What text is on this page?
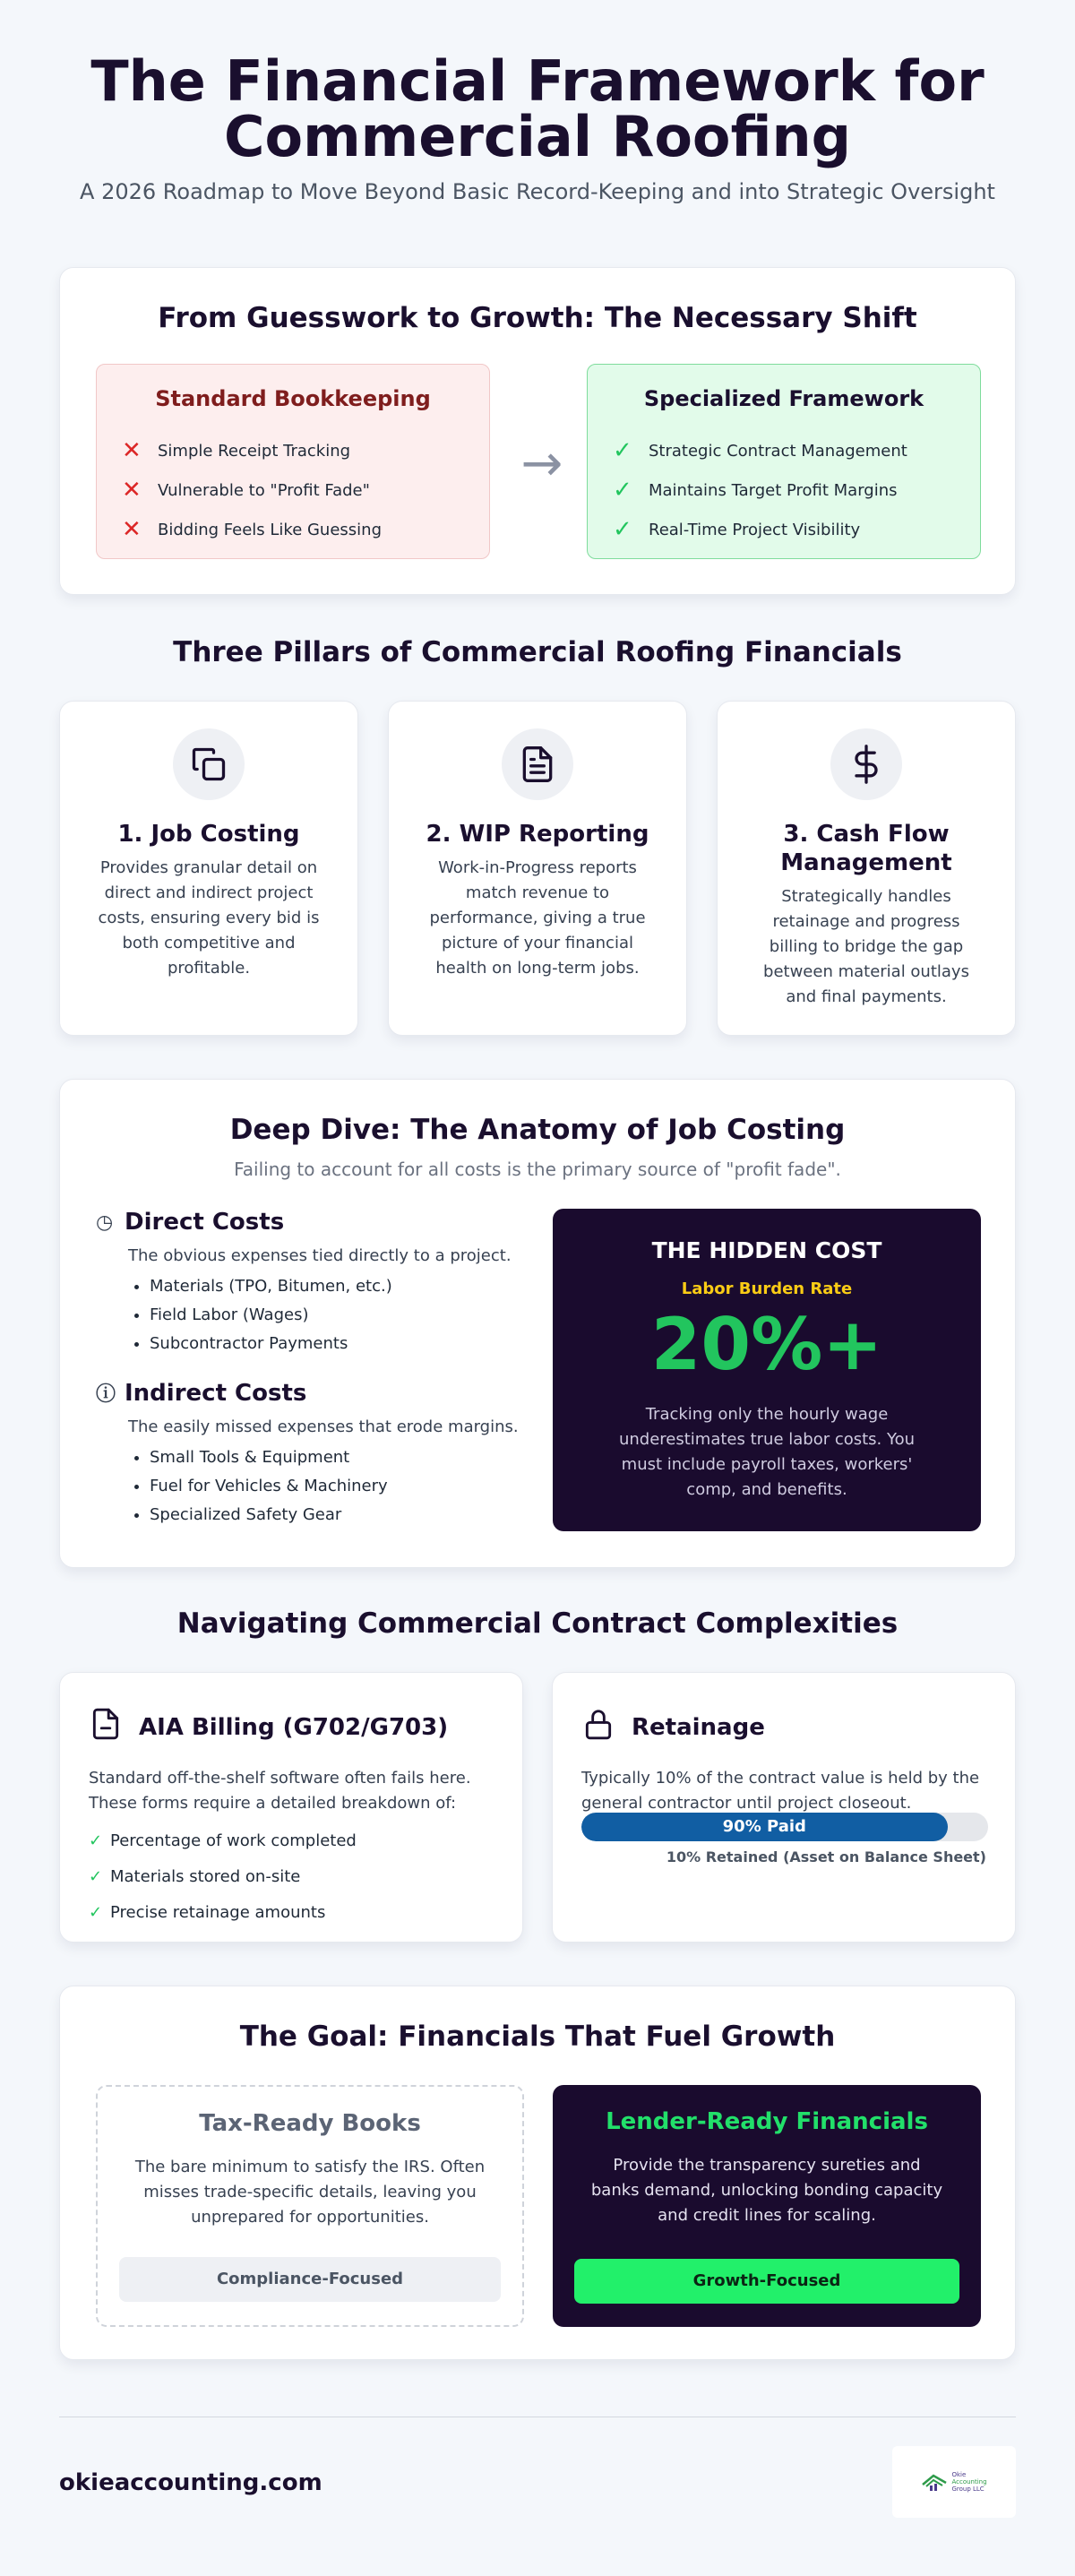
The Financial Framework for
Commercial Roofing
A 2026 Roadmap to Move Beyond Basic Record-Keeping and into Strategic Oversight
From Guesswork to Growth: The Necessary Shift
Standard Bookkeeping
✕	Simple Receipt Tracking
✕	Vulnerable to "Profit Fade"
✕	Bidding Feels Like Guessing
→
Specialized Framework
✓	Strategic Contract Management
✓	Maintains Target Profit Margins
✓	Real-Time Project Visibility
Three Pillars of Commercial Roofing Financials
1. Job Costing

Provides granular detail on direct and indirect project costs, ensuring every bid is both competitive and profitable.

2. WIP Reporting

Work-in-Progress reports match revenue to performance, giving a true picture of your financial health on long-term jobs.

3. Cash Flow Management

Strategically handles retainage and progress billing to bridge the gap between material outlays and final payments.

Deep Dive: The Anatomy of Job Costing
Failing to account for all costs is the primary source of "profit fade".
◷ Direct Costs
The obvious expenses tied directly to a project.
• Materials (TPO, Bitumen, etc.)
• Field Labor (Wages)
• Subcontractor Payments
ⓘ Indirect Costs
The easily missed expenses that erode margins.
• Small Tools & Equipment
• Fuel for Vehicles & Machinery
• Specialized Safety Gear
THE HIDDEN COST
Labor Burden Rate
20%+
Tracking only the hourly wage underestimates true labor costs. You must include payroll taxes, workers' comp, and benefits.
Navigating Commercial Contract Complexities
AIA Billing (G702/G703)
Standard off-the-shelf software often fails here. These forms require a detailed breakdown of:
✓ Percentage of work completed
✓ Materials stored on-site
✓ Precise retainage amounts
Retainage
Typically 10% of the contract value is held by the general contractor until project closeout.
90% Paid
10% Retained (Asset on Balance Sheet)
The Goal: Financials That Fuel Growth
Tax-Ready Books

The bare minimum to satisfy the IRS. Often misses trade-specific details, leaving you unprepared for opportunities.

Compliance-Focused
Lender-Ready Financials

Provide the transparency sureties and banks demand, unlocking bonding capacity and credit lines for scaling.

Growth-Focused
okieaccounting.com	Okie
Accounting
Group LLC
